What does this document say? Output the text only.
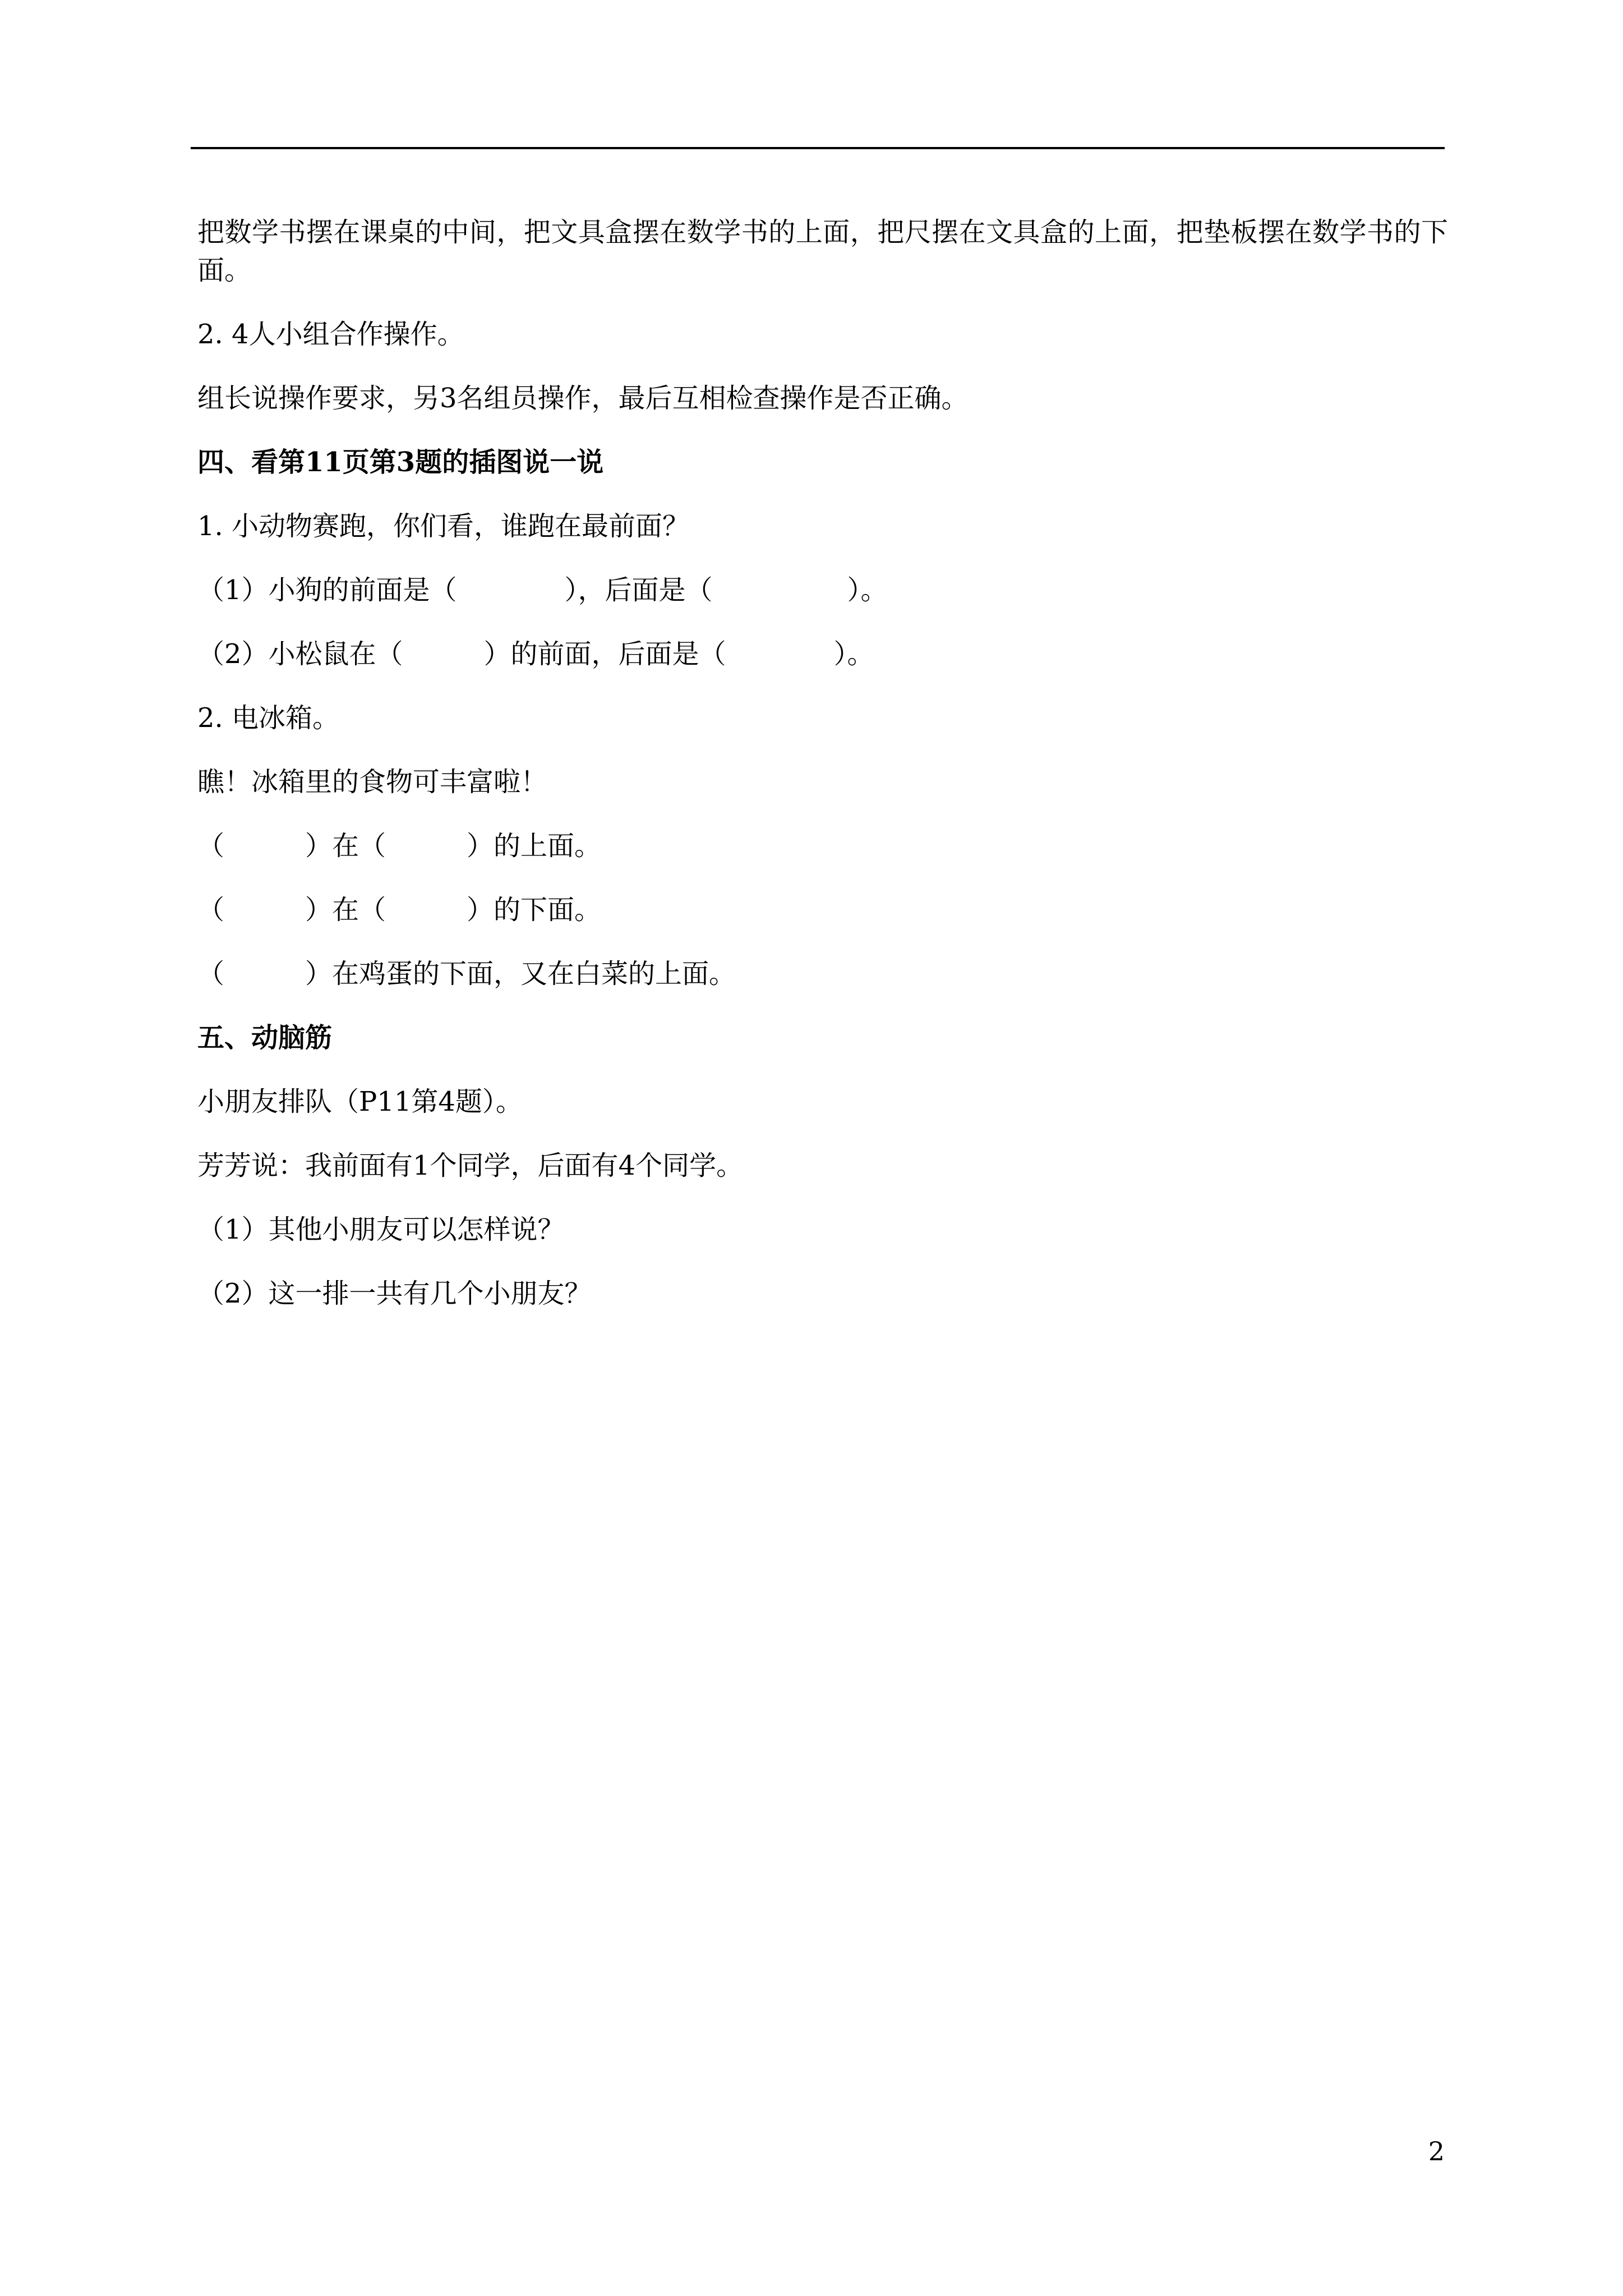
把数学书摆在课桌的中间，把文具盒摆在数学书的上面，把尺摆在文具盒的上面，把垫板摆在数学书的下面。

2. 4人小组合作操作。

组长说操作要求，另3名组员操作，最后互相检查操作是否正确。

四、看第11页第3题的插图说一说

1. 小动物赛跑，你们看，谁跑在最前面？

（1）小狗的前面是（　　　　），后面是（　　　　　）。

（2）小松鼠在（　　　）的前面，后面是（　　　　）。

2. 电冰箱。

瞧！冰箱里的食物可丰富啦！

（　　　）在（　　　）的上面。

（　　　）在（　　　）的下面。

（　　　）在鸡蛋的下面，又在白菜的上面。

五、动脑筋

小朋友排队（P11第4题）。

芳芳说：我前面有1个同学，后面有4个同学。

（1）其他小朋友可以怎样说？

（2）这一排一共有几个小朋友？

2
